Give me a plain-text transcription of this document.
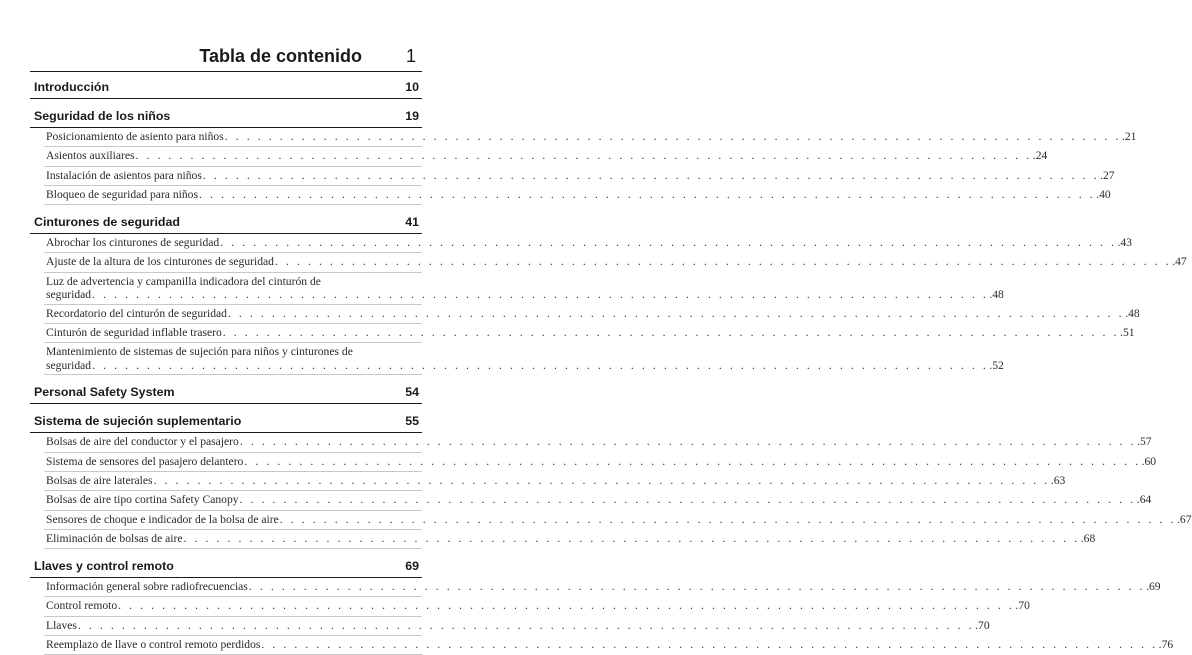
Tabla de contenido 1
Introducción	10
Seguridad de los niños	19
Posicionamiento de asiento para niños . . . . . . . . . . . . . . . . . . . . . . . . . . . . . . . . . . . . . . . . . . . . . . . . . . . . . . . . . . . . . . . . . . . . . . . . . . . . . . . . . . .21
Asientos auxiliares . . . . . . . . . . . . . . . . . . . . . . . . . . . . . . . . . . . . . . . . . . . . . . . . . . . . . . . . . . . . . . . . . . . . . . . . . . . . . . . . . . .24
Instalación de asientos para niños . . . . . . . . . . . . . . . . . . . . . . . . . . . . . . . . . . . . . . . . . . . . . . . . . . . . . . . . . . . . . . . . . . . . . . . . . . . . . . . . . . .27
Bloqueo de seguridad para niños . . . . . . . . . . . . . . . . . . . . . . . . . . . . . . . . . . . . . . . . . . . . . . . . . . . . . . . . . . . . . . . . . . . . . . . . . . . . . . . . . . .40
Cinturones de seguridad	41
Abrochar los cinturones de seguridad . . . . . . . . . . . . . . . . . . . . . . . . . . . . . . . . . . . . . . . . . . . . . . . . . . . . . . . . . . . . . . . . . . . . . . . . . . . . . . . . . . .43
Ajuste de la altura de los cinturones de seguridad . . . . . . . . . . . . . . . . . . . . . . . . . . . . . . . . . . . . . . . . . . . . . . . . . . . . . . . . . . . . . . . . . . . . . . . . . . . . . . . . . . .47
Luz de advertencia y campanilla indicadora del cinturón de
seguridad . . . . . . . . . . . . . . . . . . . . . . . . . . . . . . . . . . . . . . . . . . . . . . . . . . . . . . . . . . . . . . . . . . . . . . . . . . . . . . . . . . .48
Recordatorio del cinturón de seguridad . . . . . . . . . . . . . . . . . . . . . . . . . . . . . . . . . . . . . . . . . . . . . . . . . . . . . . . . . . . . . . . . . . . . . . . . . . . . . . . . . . .48
Cinturón de seguridad inflable trasero . . . . . . . . . . . . . . . . . . . . . . . . . . . . . . . . . . . . . . . . . . . . . . . . . . . . . . . . . . . . . . . . . . . . . . . . . . . . . . . . . . .51
Mantenimiento de sistemas de sujeción para niños y cinturones de
seguridad . . . . . . . . . . . . . . . . . . . . . . . . . . . . . . . . . . . . . . . . . . . . . . . . . . . . . . . . . . . . . . . . . . . . . . . . . . . . . . . . . . .52
Personal Safety System	54
Sistema de sujeción suplementario	55
Bolsas de aire del conductor y el pasajero . . . . . . . . . . . . . . . . . . . . . . . . . . . . . . . . . . . . . . . . . . . . . . . . . . . . . . . . . . . . . . . . . . . . . . . . . . . . . . . . . . .57
Sistema de sensores del pasajero delantero . . . . . . . . . . . . . . . . . . . . . . . . . . . . . . . . . . . . . . . . . . . . . . . . . . . . . . . . . . . . . . . . . . . . . . . . . . . . . . . . . . .60
Bolsas de aire laterales . . . . . . . . . . . . . . . . . . . . . . . . . . . . . . . . . . . . . . . . . . . . . . . . . . . . . . . . . . . . . . . . . . . . . . . . . . . . . . . . . . .63
Bolsas de aire tipo cortina Safety Canopy . . . . . . . . . . . . . . . . . . . . . . . . . . . . . . . . . . . . . . . . . . . . . . . . . . . . . . . . . . . . . . . . . . . . . . . . . . . . . . . . . . .64
Sensores de choque e indicador de la bolsa de aire . . . . . . . . . . . . . . . . . . . . . . . . . . . . . . . . . . . . . . . . . . . . . . . . . . . . . . . . . . . . . . . . . . . . . . . . . . . . . . . . . . .67
Eliminación de bolsas de aire . . . . . . . . . . . . . . . . . . . . . . . . . . . . . . . . . . . . . . . . . . . . . . . . . . . . . . . . . . . . . . . . . . . . . . . . . . . . . . . . . . .68
Llaves y control remoto	69
Información general sobre radiofrecuencias . . . . . . . . . . . . . . . . . . . . . . . . . . . . . . . . . . . . . . . . . . . . . . . . . . . . . . . . . . . . . . . . . . . . . . . . . . . . . . . . . . .69
Control remoto . . . . . . . . . . . . . . . . . . . . . . . . . . . . . . . . . . . . . . . . . . . . . . . . . . . . . . . . . . . . . . . . . . . . . . . . . . . . . . . . . . .70
Llaves . . . . . . . . . . . . . . . . . . . . . . . . . . . . . . . . . . . . . . . . . . . . . . . . . . . . . . . . . . . . . . . . . . . . . . . . . . . . . . . . . . .70
Reemplazo de llave o control remoto perdidos . . . . . . . . . . . . . . . . . . . . . . . . . . . . . . . . . . . . . . . . . . . . . . . . . . . . . . . . . . . . . . . . . . . . . . . . . . . . . . . . . . .76
